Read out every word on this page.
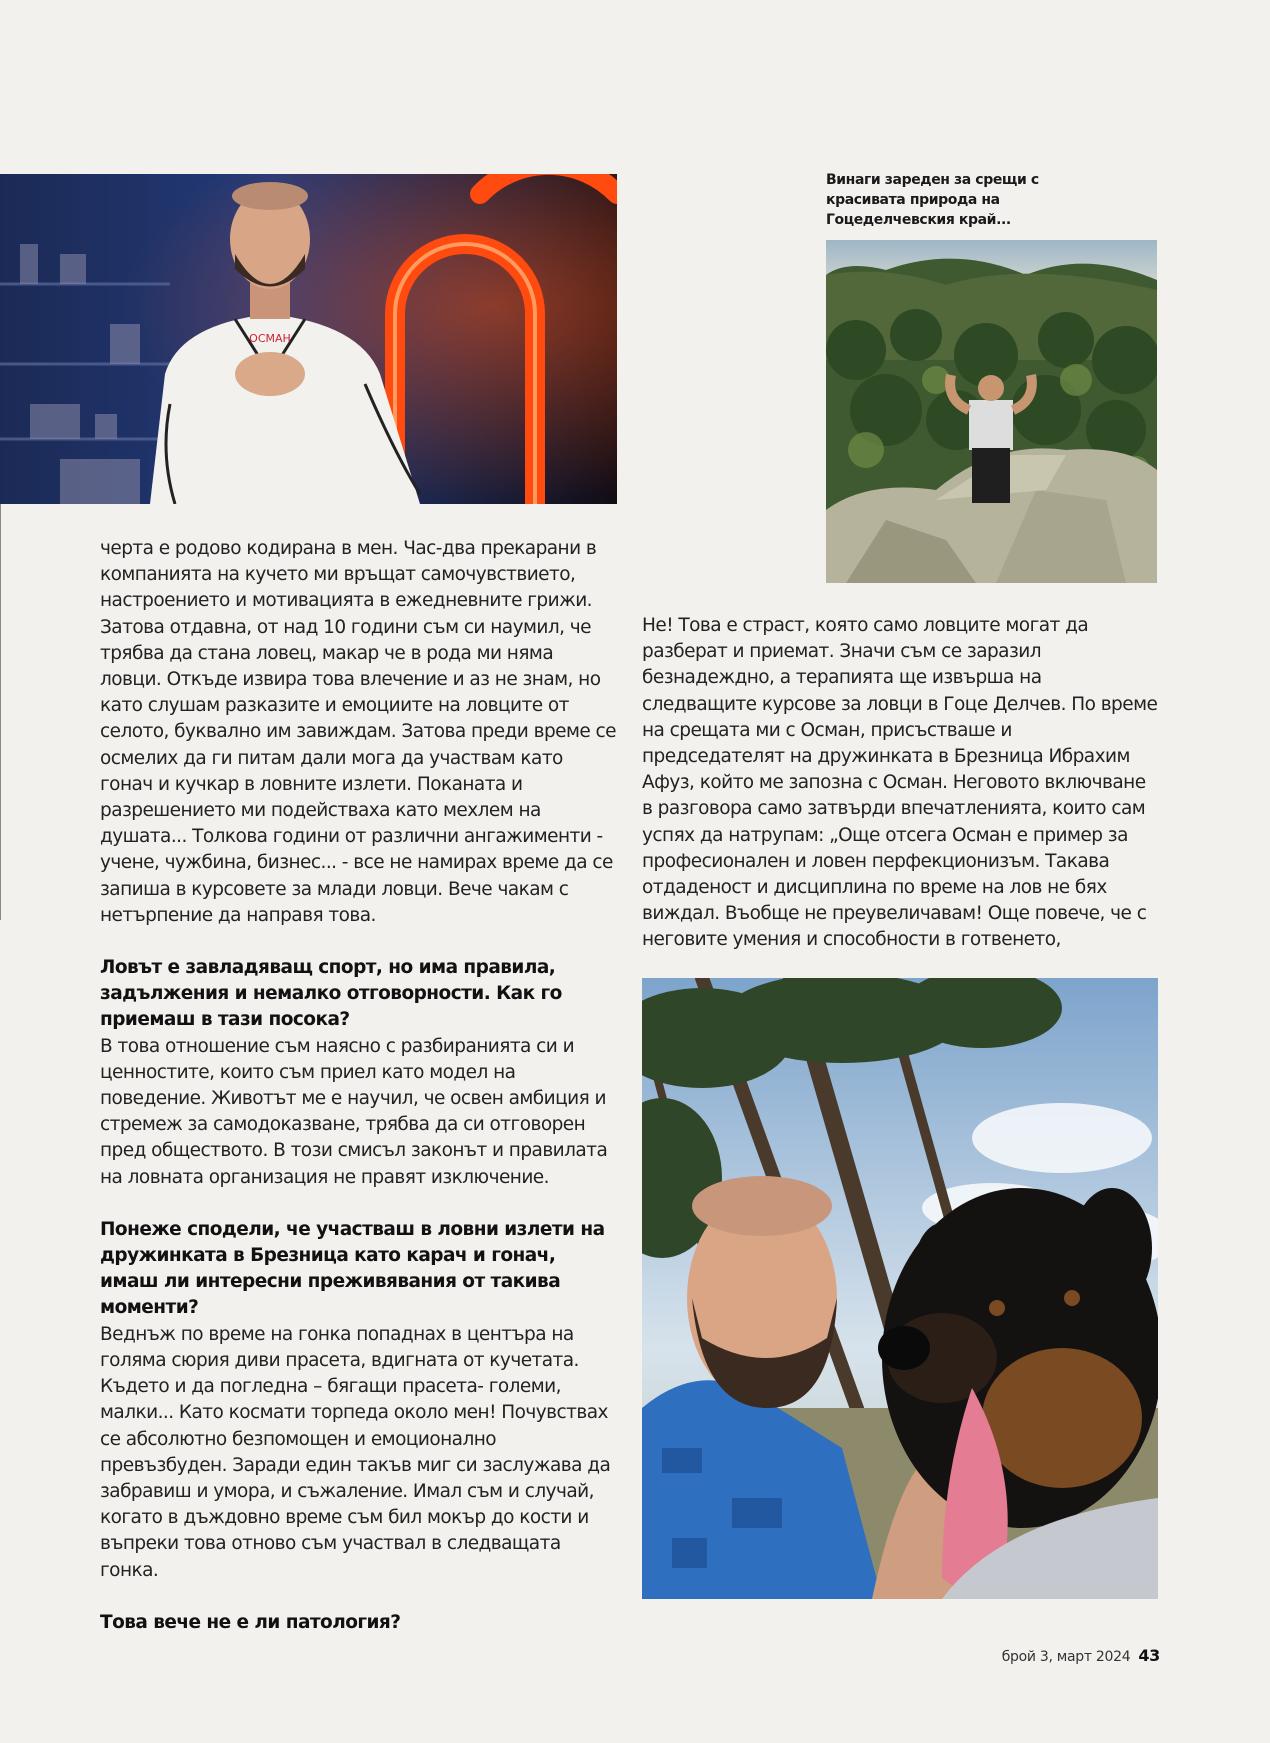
ОСМАН
Винаги зареден за срещи с красивата природа на Гоцеделчевския край...

черта е родово кодирана в мен. Час-два прекарани в компанията на кучето ми връщат самочувствието, настроението и мотивацията в ежедневните грижи. Затова отдавна, от над 10 години съм си наумил, че трябва да стана ловец, макар че в рода ми няма ловци. Откъде извира това влечение и аз не знам, но като слушам разказите и емоциите на ловците от селото, буквално им завиждам. Затова преди време се осмелих да ги питам дали мога да участвам като гонач и кучкар в ловните излети. Поканата и разрешението ми подействаха като мехлем на душата... Толкова години от различни ангажименти - учене, чужбина, бизнес... - все не намирах време да се запиша в курсовете за млади ловци. Вече чакам с нетърпение да направя това.

Ловът е завладяващ спорт, но има правила, задължения и немалко отговорности. Как го приемаш в тази посока?

В това отношение съм наясно с разбиранията си и ценностите, които съм приел като модел на поведение. Животът ме е научил, че освен амбиция и стремеж за самодоказване, трябва да си отговорен пред обществото. В този смисъл законът и правилата на ловната организация не правят изключение.

Понеже сподели, че участваш в ловни излети на дружинката в Брезница като карач и гонач, имаш ли интересни преживявания от такива моменти?

Веднъж по време на гонка попаднах в центъра на голяма сюрия диви прасета, вдигната от кучетата. Където и да погледна – бягащи прасета- големи, малки... Като космати торпеда около мен! Почувствах се абсолютно безпомощен и емоционално превъзбуден. Заради един такъв миг си заслужава да забравиш и умора, и съжаление. Имал съм и случай, когато в дъждовно време съм бил мокър до кости и въпреки това отново съм участвал в следващата гонка.

Това вече не е ли патология?

Не! Това е страст, която само ловците могат да разберат и приемат. Значи съм се заразил безнадеждно, а терапията ще извърша на следващите курсове за ловци в Гоце Делчев. По време на срещата ми с Осман, присъстваше и председателят на дружинката в Брезница Ибрахим Афуз, който ме запозна с Осман. Неговото включване в разговора само затвърди впечатленията, които сам успях да натрупам: „Още отсега Осман е пример за професионален и ловен перфекционизъм. Такава отдаденост и дисциплина по време на лов не бях виждал. Въобще не преувеличавам! Още повече, че с неговите умения и способности в готвенето,

брой 3, март 2024 43
